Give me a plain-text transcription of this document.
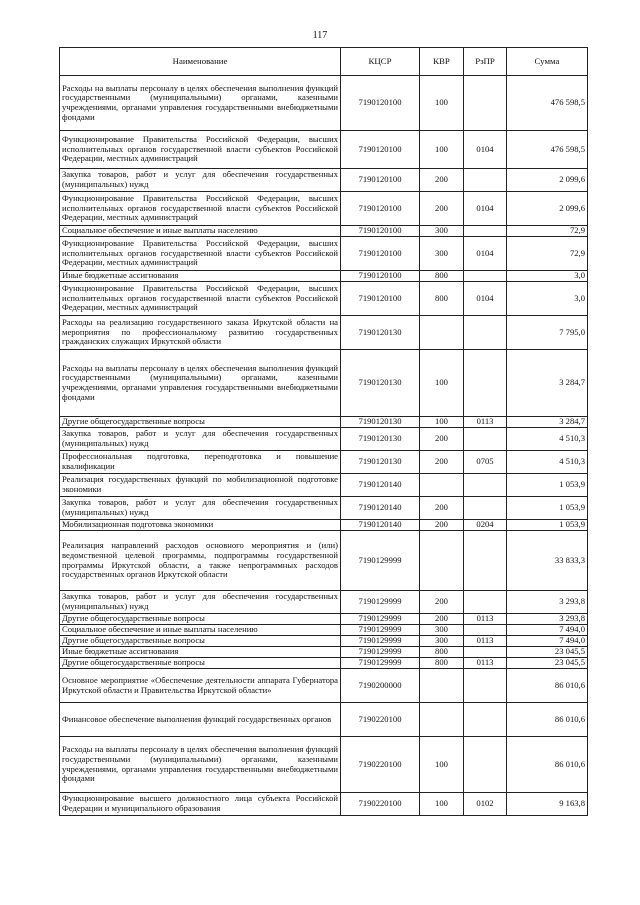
117
Наименование	КЦСР	КВР	РзПР	Сумма
Расходы на выплаты персоналу в целях обеспечения выполнения функций государственными (муниципальными) органами, казенными учреждениями, органами управления государственными внебюджетными фондами	7190120100	100		476 598,5
Функционирование Правительства Российской Федерации, высших исполнительных органов государственной власти субъектов Российской Федерации, местных администраций	7190120100	100	0104	476 598,5
Закупка товаров, работ и услуг для обеспечения государственных (муниципальных) нужд	7190120100	200		2 099,6
Функционирование Правительства Российской Федерации, высших исполнительных органов государственной власти субъектов Российской Федерации, местных администраций	7190120100	200	0104	2 099,6
Социальное обеспечение и иные выплаты населению	7190120100	300		72,9
Функционирование Правительства Российской Федерации, высших исполнительных органов государственной власти субъектов Российской Федерации, местных администраций	7190120100	300	0104	72,9
Иные бюджетные ассигнования	7190120100	800		3,0
Функционирование Правительства Российской Федерации, высших исполнительных органов государственной власти субъектов Российской Федерации, местных администраций	7190120100	800	0104	3,0
Расходы на реализацию государственного заказа Иркутской области на мероприятия по профессиональному развитию государственных гражданских служащих Иркутской области	7190120130			7 795,0
Расходы на выплаты персоналу в целях обеспечения выполнения функций государственными (муниципальными) органами, казенными учреждениями, органами управления государственными внебюджетными фондами	7190120130	100		3 284,7
Другие общегосударственные вопросы	7190120130	100	0113	3 284,7
Закупка товаров, работ и услуг для обеспечения государственных (муниципальных) нужд	7190120130	200		4 510,3
Профессиональная подготовка, переподготовка и повышение квалификации	7190120130	200	0705	4 510,3
Реализация государственных функций по мобилизационной подготовке экономики	7190120140			1 053,9
Закупка товаров, работ и услуг для обеспечения государственных (муниципальных) нужд	7190120140	200		1 053,9
Мобилизационная подготовка экономики	7190120140	200	0204	1 053,9
Реализация направлений расходов основного мероприятия и (или) ведомственной целевой программы, подпрограммы государственной программы Иркутской области, а также непрограммных расходов государственных органов Иркутской области	7190129999			33 833,3
Закупка товаров, работ и услуг для обеспечения государственных (муниципальных) нужд	7190129999	200		3 293,8
Другие общегосударственные вопросы	7190129999	200	0113	3 293,8
Социальное обеспечение и иные выплаты населению	7190129999	300		7 494,0
Другие общегосударственные вопросы	7190129999	300	0113	7 494,0
Иные бюджетные ассигнования	7190129999	800		23 045,5
Другие общегосударственные вопросы	7190129999	800	0113	23 045,5
Основное мероприятие «Обеспечение деятельности аппарата Губернатора Иркутской области и Правительства Иркутской области»	7190200000			86 010,6
Финансовое обеспечение выполнения функций государственных органов	7190220100			86 010,6
Расходы на выплаты персоналу в целях обеспечения выполнения функций государственными (муниципальными) органами, казенными учреждениями, органами управления государственными внебюджетными фондами	7190220100	100		86 010,6
Функционирование высшего должностного лица субъекта Российской Федерации и муниципального образования	7190220100	100	0102	9 163,8
